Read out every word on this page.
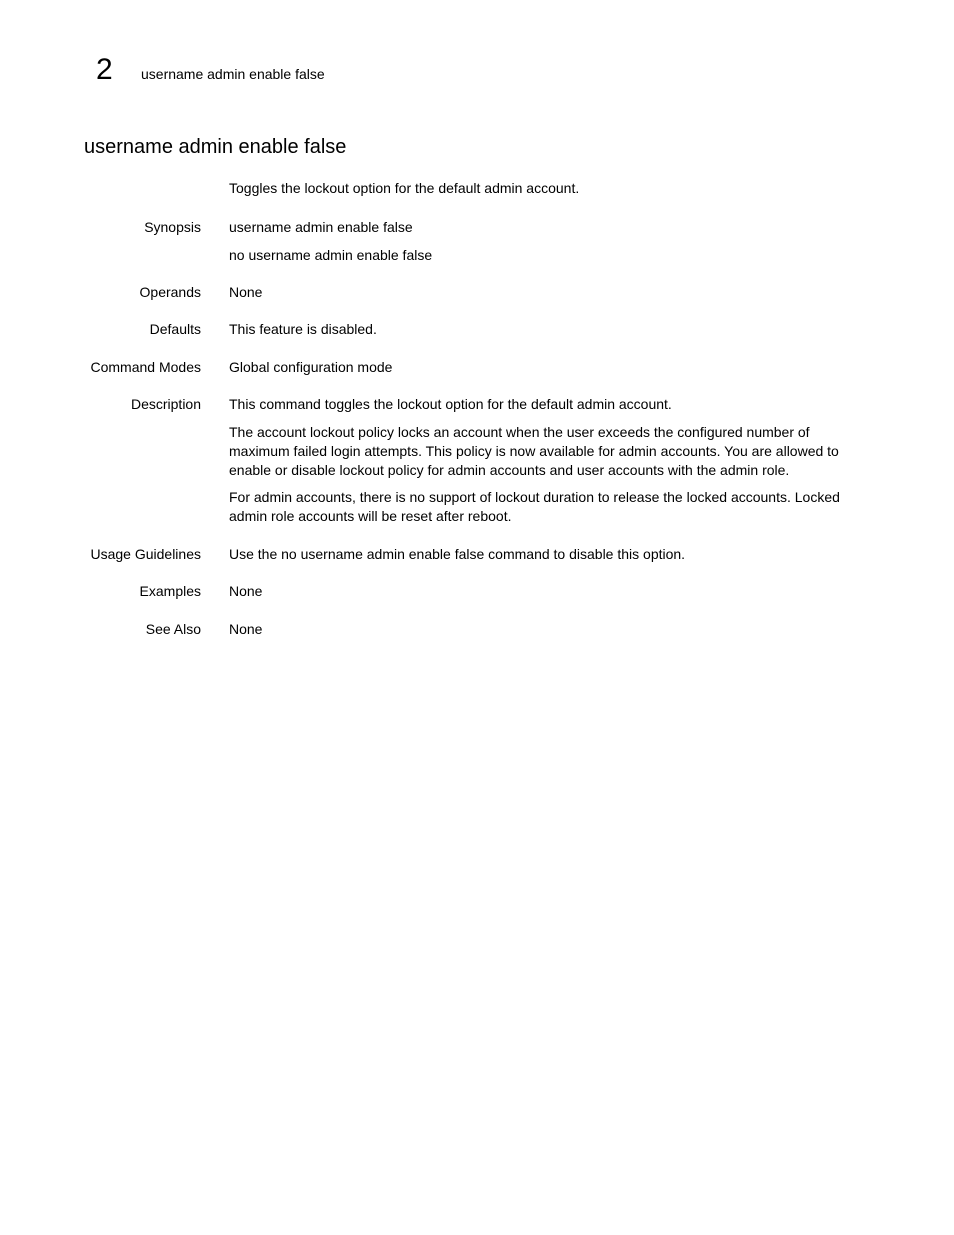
2 username admin enable false
username admin enable false
Toggles the lockout option for the default admin account.
Synopsis username admin enable false
no username admin enable false
Operands None
Defaults This feature is disabled.
Command Modes Global configuration mode
Description This command toggles the lockout option for the default admin account.
The account lockout policy locks an account when the user exceeds the configured number of maximum failed login attempts. This policy is now available for admin accounts. You are allowed to enable or disable lockout policy for admin accounts and user accounts with the admin role.
For admin accounts, there is no support of lockout duration to release the locked accounts. Locked admin role accounts will be reset after reboot.
Usage Guidelines Use the no username admin enable false command to disable this option.
Examples None
See Also None
